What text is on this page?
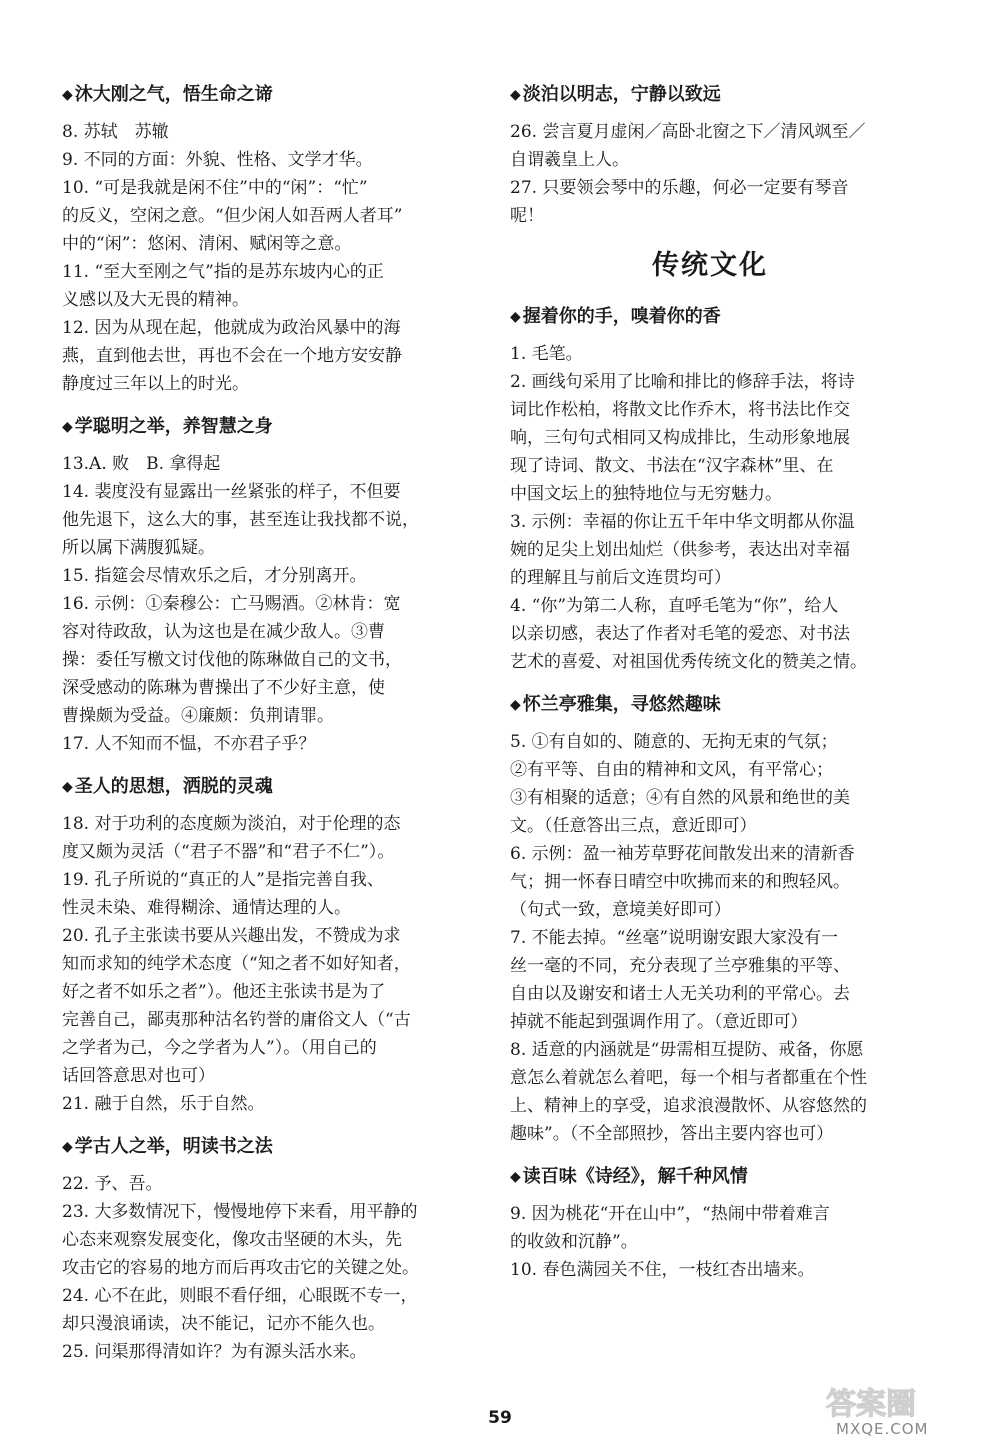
◆ 沐大刚之气，悟生命之谛
8. 苏轼　苏辙
9. 不同的方面：外貌、性格、文学才华。
10. “可是我就是闲不住”中的“闲”：“忙”
的反义，空闲之意。“但少闲人如吾两人者耳”
中的“闲”：悠闲、清闲、赋闲等之意。
11. “至大至刚之气”指的是苏东坡内心的正
义感以及大无畏的精神。
12. 因为从现在起，他就成为政治风暴中的海
燕，直到他去世，再也不会在一个地方安安静
静度过三年以上的时光。
◆ 学聪明之举，养智慧之身
13.A. 败　B. 拿得起
14. 裴度没有显露出一丝紧张的样子，不但要
他先退下，这么大的事，甚至连让我找都不说，
所以属下满腹狐疑。
15. 指筵会尽情欢乐之后，才分别离开。
16. 示例：①秦穆公：亡马赐酒。②林肯：宽
容对待政敌，认为这也是在减少敌人。③曹
操：委任写檄文讨伐他的陈琳做自己的文书，
深受感动的陈琳为曹操出了不少好主意，使
曹操颇为受益。④廉颇：负荆请罪。
17. 人不知而不愠，不亦君子乎？
◆ 圣人的思想，洒脱的灵魂
18. 对于功利的态度颇为淡泊，对于伦理的态
度又颇为灵活（“君子不器”和“君子不仁”）。
19. 孔子所说的“真正的人”是指完善自我、
性灵未染、难得糊涂、通情达理的人。
20. 孔子主张读书要从兴趣出发，不赞成为求
知而求知的纯学术态度（“知之者不如好知者，
好之者不如乐之者”）。他还主张读书是为了
完善自己，鄙夷那种沽名钓誉的庸俗文人（“古
之学者为己，今之学者为人”）。（用自己的
话回答意思对也可）
21. 融于自然，乐于自然。
◆ 学古人之举，明读书之法
22. 予、吾。
23. 大多数情况下，慢慢地停下来看，用平静的
心态来观察发展变化，像攻击坚硬的木头，先
攻击它的容易的地方而后再攻击它的关键之处。
24. 心不在此，则眼不看仔细，心眼既不专一，
却只漫浪诵读，决不能记，记亦不能久也。
25. 问渠那得清如许？为有源头活水来。
◆ 淡泊以明志，宁静以致远
26. 尝言夏月虚闲／高卧北窗之下／清风飒至／
自谓羲皇上人。
27. 只要领会琴中的乐趣，何必一定要有琴音
呢！
传统文化
◆ 握着你的手，嗅着你的香
1. 毛笔。
2. 画线句采用了比喻和排比的修辞手法，将诗
词比作松柏，将散文比作乔木，将书法比作交
响，三句句式相同又构成排比，生动形象地展
现了诗词、散文、书法在“汉字森林”里、在
中国文坛上的独特地位与无穷魅力。
3. 示例：幸福的你让五千年中华文明都从你温
婉的足尖上划出灿烂（供参考，表达出对幸福
的理解且与前后文连贯均可）
4. “你”为第二人称，直呼毛笔为“你”，给人
以亲切感，表达了作者对毛笔的爱恋、对书法
艺术的喜爱、对祖国优秀传统文化的赞美之情。
◆ 怀兰亭雅集，寻悠然趣味
5. ①有自如的、随意的、无拘无束的气氛；
②有平等、自由的精神和文风，有平常心；
③有相聚的适意；④有自然的风景和绝世的美
文。（任意答出三点，意近即可）
6. 示例：盈一袖芳草野花间散发出来的清新香
气；拥一怀春日晴空中吹拂而来的和煦轻风。
（句式一致，意境美好即可）
7. 不能去掉。“丝毫”说明谢安跟大家没有一
丝一毫的不同，充分表现了兰亭雅集的平等、
自由以及谢安和诸士人无关功利的平常心。去
掉就不能起到强调作用了。（意近即可）
8. 适意的内涵就是“毋需相互提防、戒备，你愿
意怎么着就怎么着吧，每一个相与者都重在个性
上、精神上的享受，追求浪漫散怀、从容悠然的
趣味”。（不全部照抄，答出主要内容也可）
◆ 读百味《诗经》，解千种风情
9. 因为桃花“开在山中”，“热闹中带着难言
的收敛和沉静”。
10. 春色满园关不住，一枝红杏出墙来。
59	答案圈
MXQE.COM
